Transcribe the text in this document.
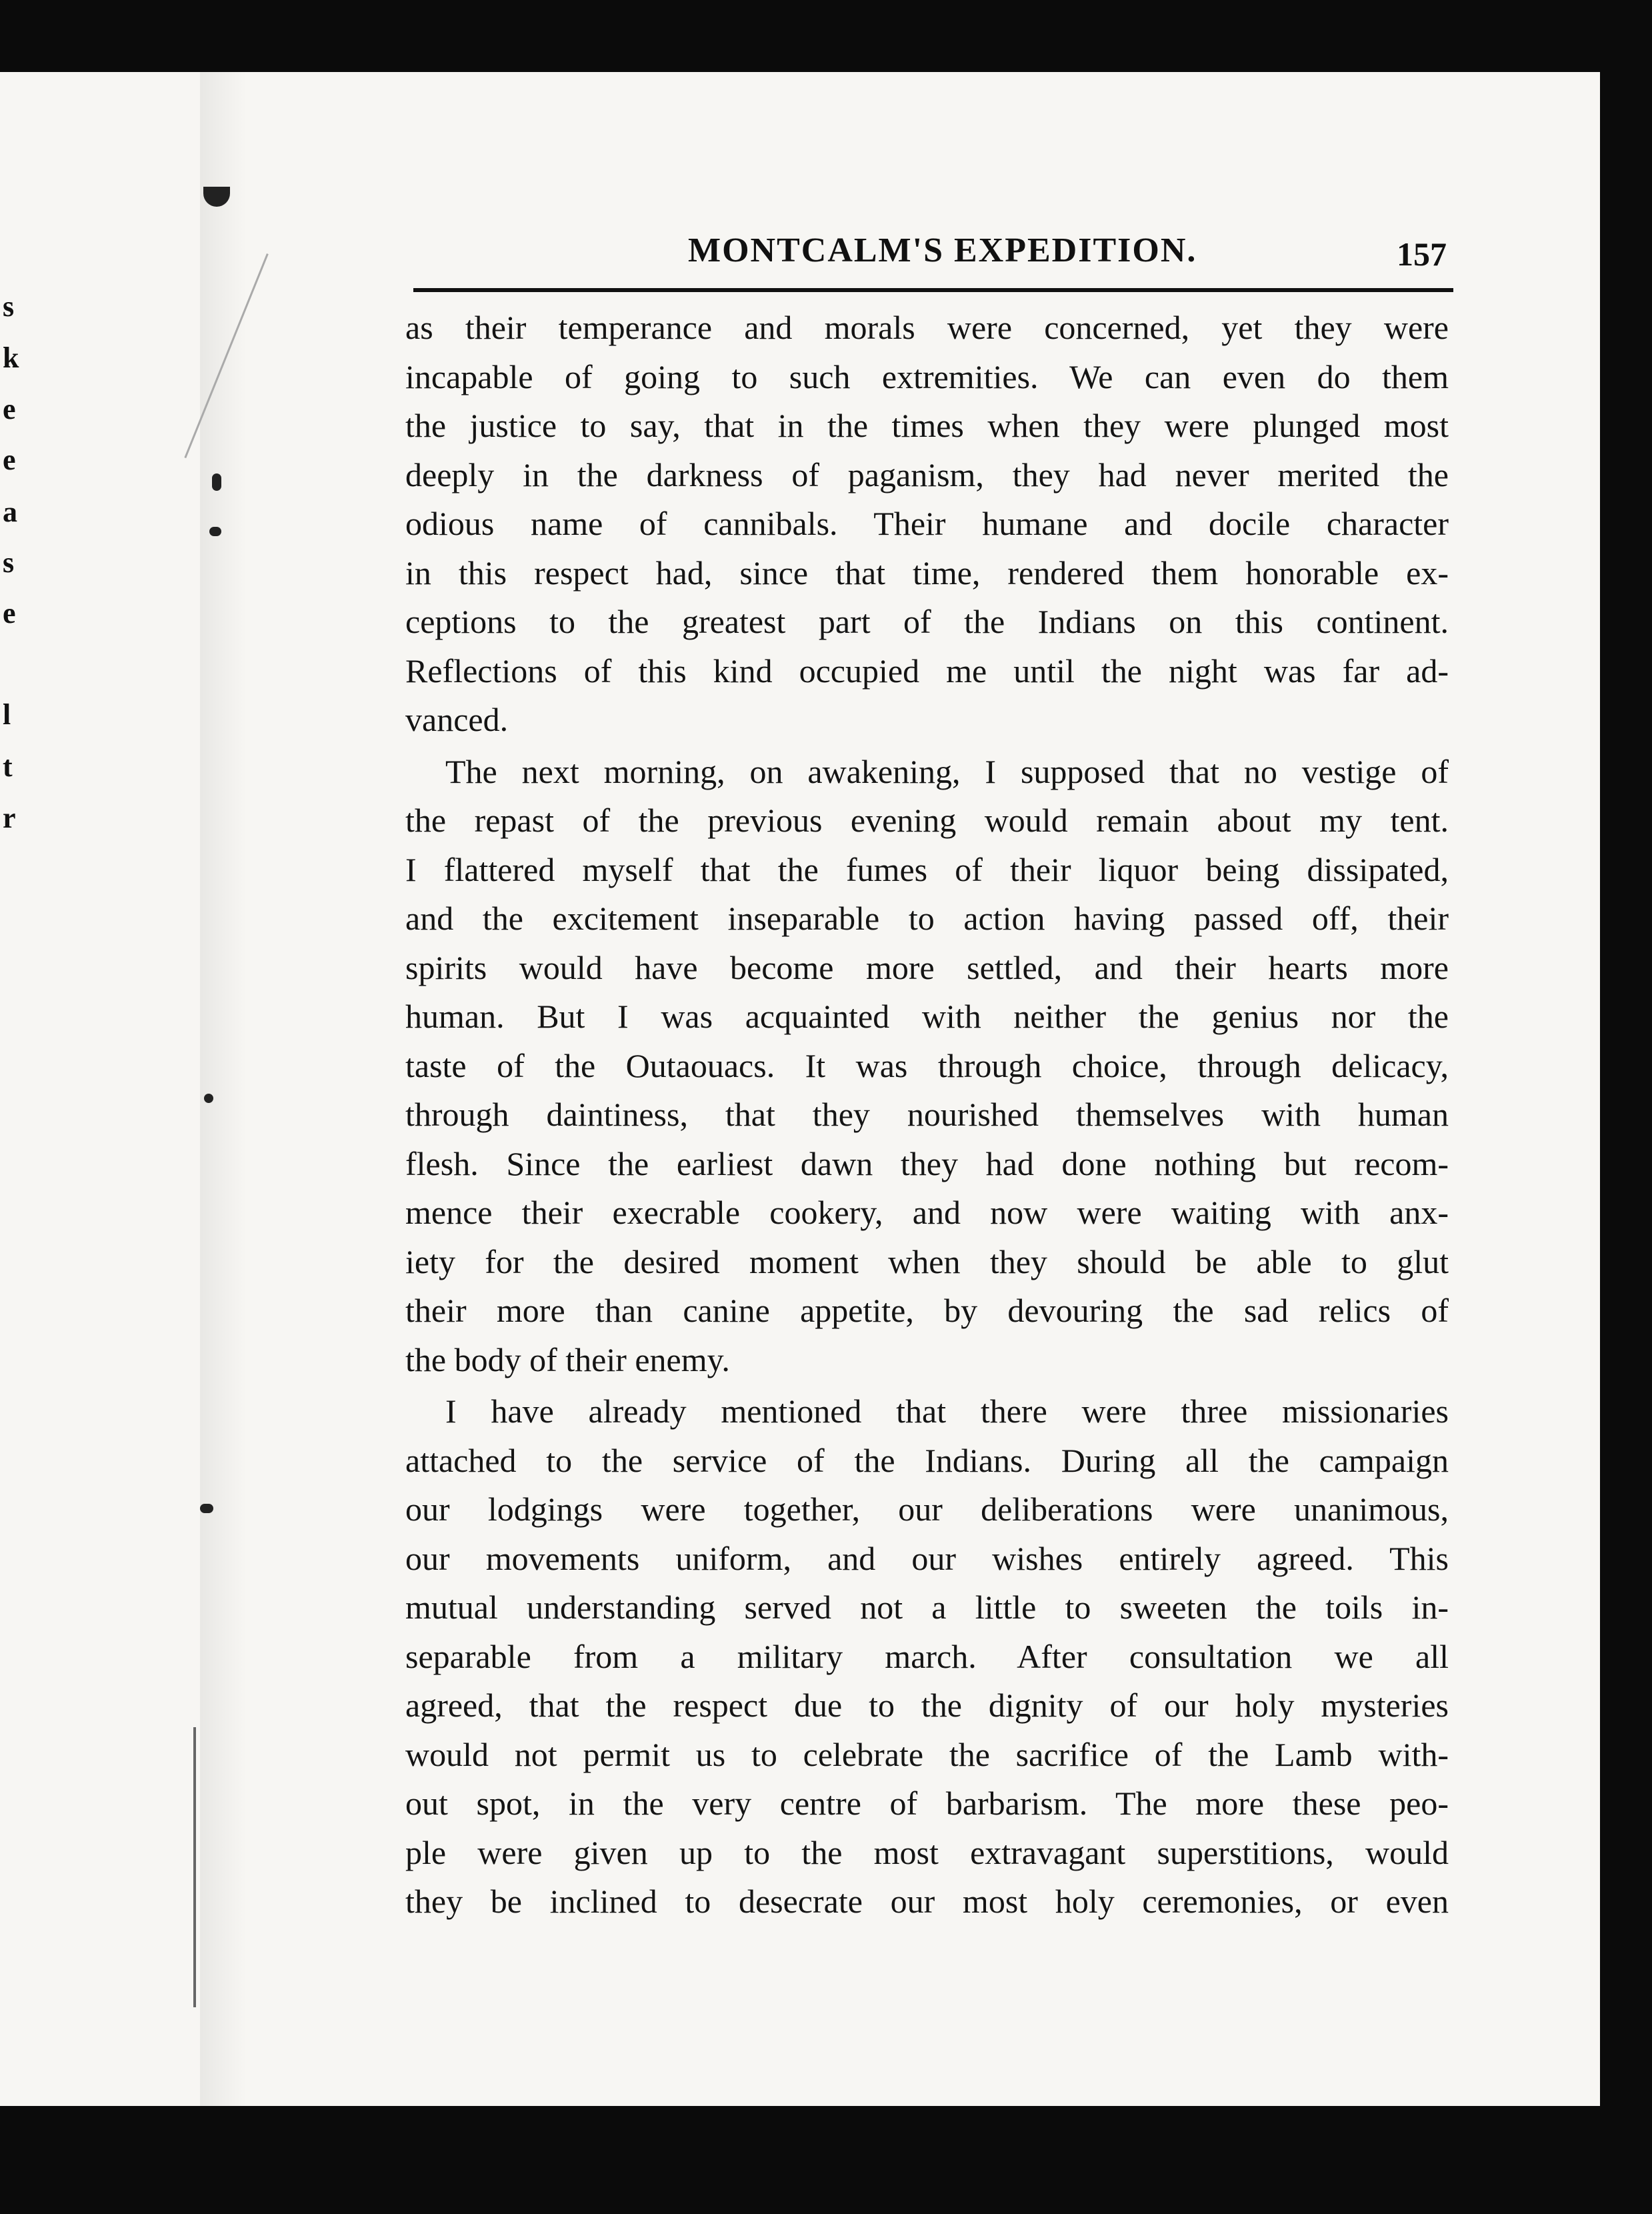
s
k
e
e
a
s
e
l
t
r
MONTCALM'S EXPEDITION.	157

as their temperance and morals were concerned, yet they were
incapable of going to such extremities. We can even do them
the justice to say, that in the times when they were plunged most
deeply in the darkness of paganism, they had never merited the
odious name of cannibals. Their humane and docile character
in this respect had, since that time, rendered them honorable ex-
ceptions to the greatest part of the Indians on this continent.
Reflections of this kind occupied me until the night was far ad-
vanced.

The next morning, on awakening, I supposed that no vestige of
the repast of the previous evening would remain about my tent.
I flattered myself that the fumes of their liquor being dissipated,
and the excitement inseparable to action having passed off, their
spirits would have become more settled, and their hearts more
human. But I was acquainted with neither the genius nor the
taste of the Outaouacs. It was through choice, through delicacy,
through daintiness, that they nourished themselves with human
flesh. Since the earliest dawn they had done nothing but recom-
mence their execrable cookery, and now were waiting with anx-
iety for the desired moment when they should be able to glut
their more than canine appetite, by devouring the sad relics of
the body of their enemy.

I have already mentioned that there were three missionaries
attached to the service of the Indians. During all the campaign
our lodgings were together, our deliberations were unanimous,
our movements uniform, and our wishes entirely agreed. This
mutual understanding served not a little to sweeten the toils in-
separable from a military march. After consultation we all
agreed, that the respect due to the dignity of our holy mysteries
would not permit us to celebrate the sacrifice of the Lamb with-
out spot, in the very centre of barbarism. The more these peo-
ple were given up to the most extravagant superstitions, would
they be inclined to desecrate our most holy ceremonies, or even
